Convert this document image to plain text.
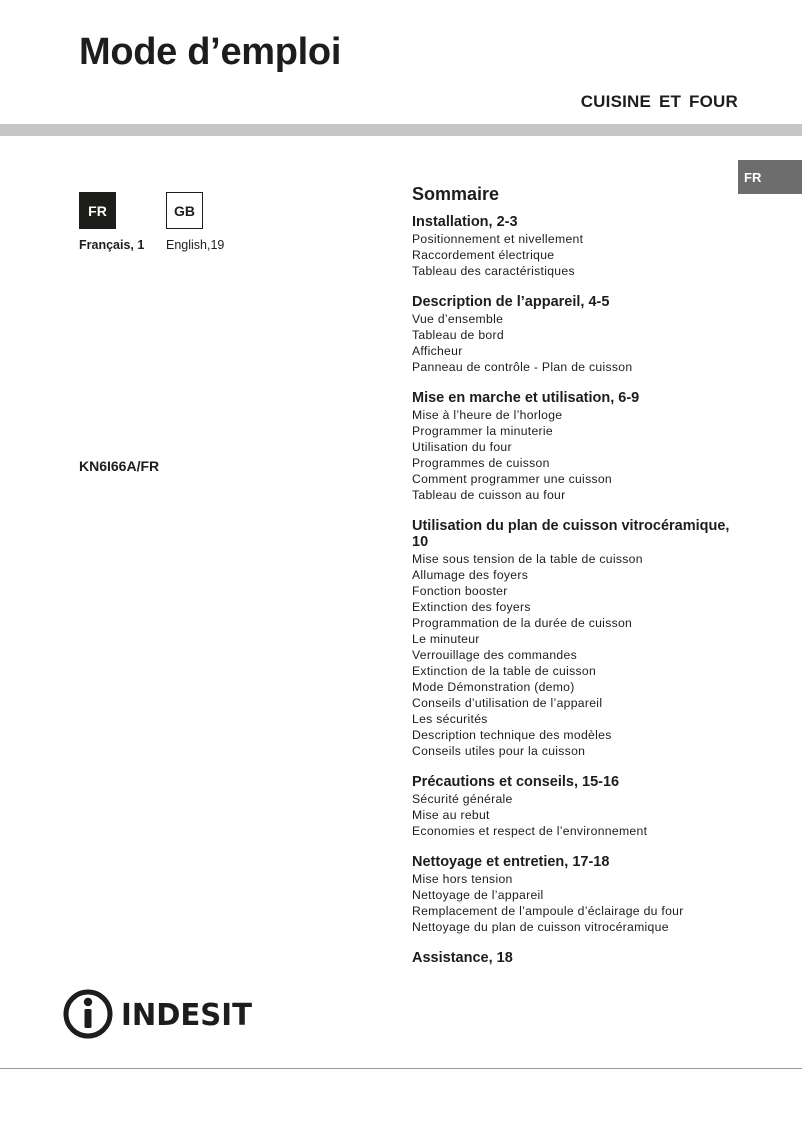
Mode d’emploi
CUISINE ET FOUR
FR
FR	GB
Français, 1 English,19
KN6I66A/FR
Sommaire
Installation, 2-3
Positionnement et nivellement
Raccordement électrique
Tableau des caractéristiques
Description de l’appareil, 4-5
Vue d’ensemble
Tableau de bord
Afficheur
Panneau de contrôle - Plan de cuisson
Mise en marche et utilisation, 6-9
Mise à l’heure de l’horloge
Programmer la minuterie
Utilisation du four
Programmes de cuisson
Comment programmer une cuisson
Tableau de cuisson au four
Utilisation du plan de cuisson vitrocéramique, 10
Mise sous tension de la table de cuisson
Allumage des foyers
Fonction booster
Extinction des foyers
Programmation de la durée de cuisson
Le minuteur
Verrouillage des commandes
Extinction de la table de cuisson
Mode Démonstration (demo)
Conseils d’utilisation de l’appareil
Les sécurités
Description technique des modèles
Conseils utiles pour la cuisson
Précautions et conseils, 15-16
Sécurité générale
Mise au rebut
Economies et respect de l’environnement
Nettoyage et entretien, 17-18
Mise hors tension
Nettoyage de l’appareil
Remplacement de l’ampoule d’éclairage du four
Nettoyage du plan de cuisson vitrocéramique
Assistance, 18
INDESIT
